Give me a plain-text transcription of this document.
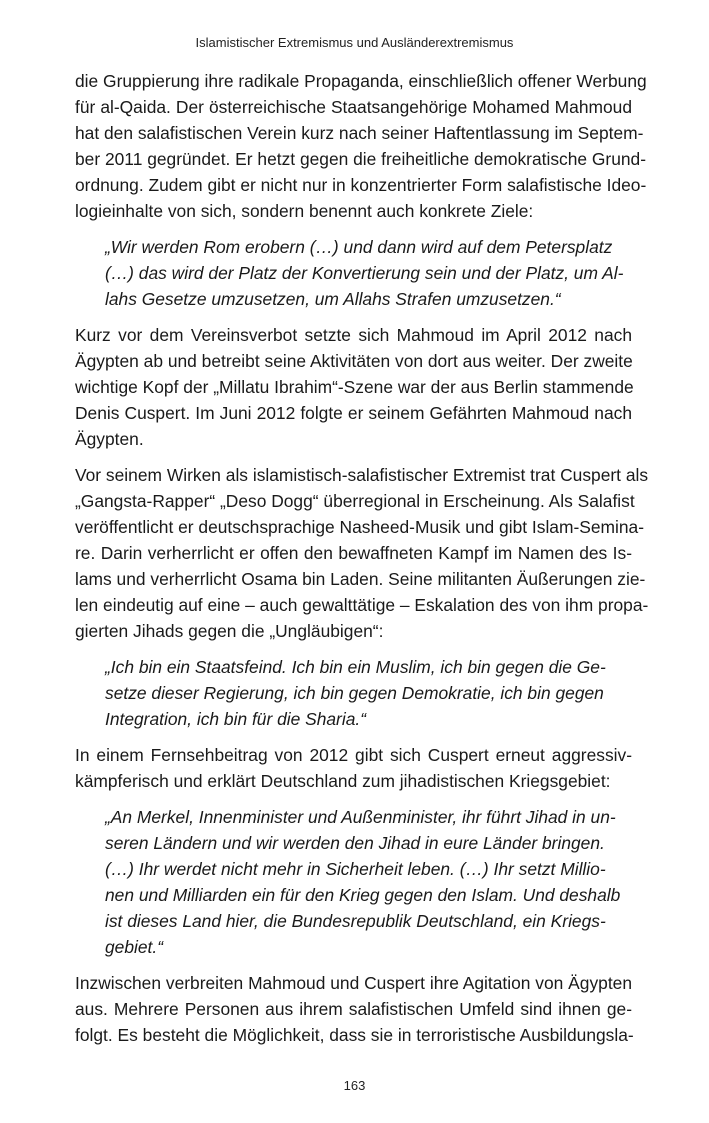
Islamistischer Extremismus und Ausländerextremismus
die Gruppierung ihre radikale Propaganda, einschließlich offener Werbung
für al-Qaida. Der österreichische Staatsangehörige Mohamed Mahmoud
hat den salafistischen Verein kurz nach seiner Haftentlassung im Septem-
ber 2011 gegründet. Er hetzt gegen die freiheitliche demokratische Grund-
ordnung. Zudem gibt er nicht nur in konzentrierter Form salafistische Ideo-
logieinhalte von sich, sondern benennt auch konkrete Ziele:
„Wir werden Rom erobern (…) und dann wird auf dem Petersplatz
(…) das wird der Platz der Konvertierung sein und der Platz, um Al-
lahs Gesetze umzusetzen, um Allahs Strafen umzusetzen.“
Kurz vor dem Vereinsverbot setzte sich Mahmoud im April 2012 nach
Ägypten ab und betreibt seine Aktivitäten von dort aus weiter. Der zweite
wichtige Kopf der „Millatu Ibrahim“-Szene war der aus Berlin stammende
Denis Cuspert. Im Juni 2012 folgte er seinem Gefährten Mahmoud nach
Ägypten.
Vor seinem Wirken als islamistisch-salafistischer Extremist trat Cuspert als
„Gangsta-Rapper“ „Deso Dogg“ überregional in Erscheinung. Als Salafist
veröffentlicht er deutschsprachige Nasheed-Musik und gibt Islam-Semina-
re. Darin verherrlicht er offen den bewaffneten Kampf im Namen des Is-
lams und verherrlicht Osama bin Laden. Seine militanten Äußerungen zie-
len eindeutig auf eine – auch gewalttätige – Eskalation des von ihm propa-
gierten Jihads gegen die „Ungläubigen“:
„Ich bin ein Staatsfeind. Ich bin ein Muslim, ich bin gegen die Ge-
setze dieser Regierung, ich bin gegen Demokratie, ich bin gegen
Integration, ich bin für die Sharia.“
In einem Fernsehbeitrag von 2012 gibt sich Cuspert erneut aggressiv-
kämpferisch und erklärt Deutschland zum jihadistischen Kriegsgebiet:
„An Merkel, Innenminister und Außenminister, ihr führt Jihad in un-
seren Ländern und wir werden den Jihad in eure Länder bringen.
(…) Ihr werdet nicht mehr in Sicherheit leben. (…) Ihr setzt Millio-
nen und Milliarden ein für den Krieg gegen den Islam. Und deshalb
ist dieses Land hier, die Bundesrepublik Deutschland, ein Kriegs-
gebiet.“
Inzwischen verbreiten Mahmoud und Cuspert ihre Agitation von Ägypten
aus. Mehrere Personen aus ihrem salafistischen Umfeld sind ihnen ge-
folgt. Es besteht die Möglichkeit, dass sie in terroristische Ausbildungsla-
163
